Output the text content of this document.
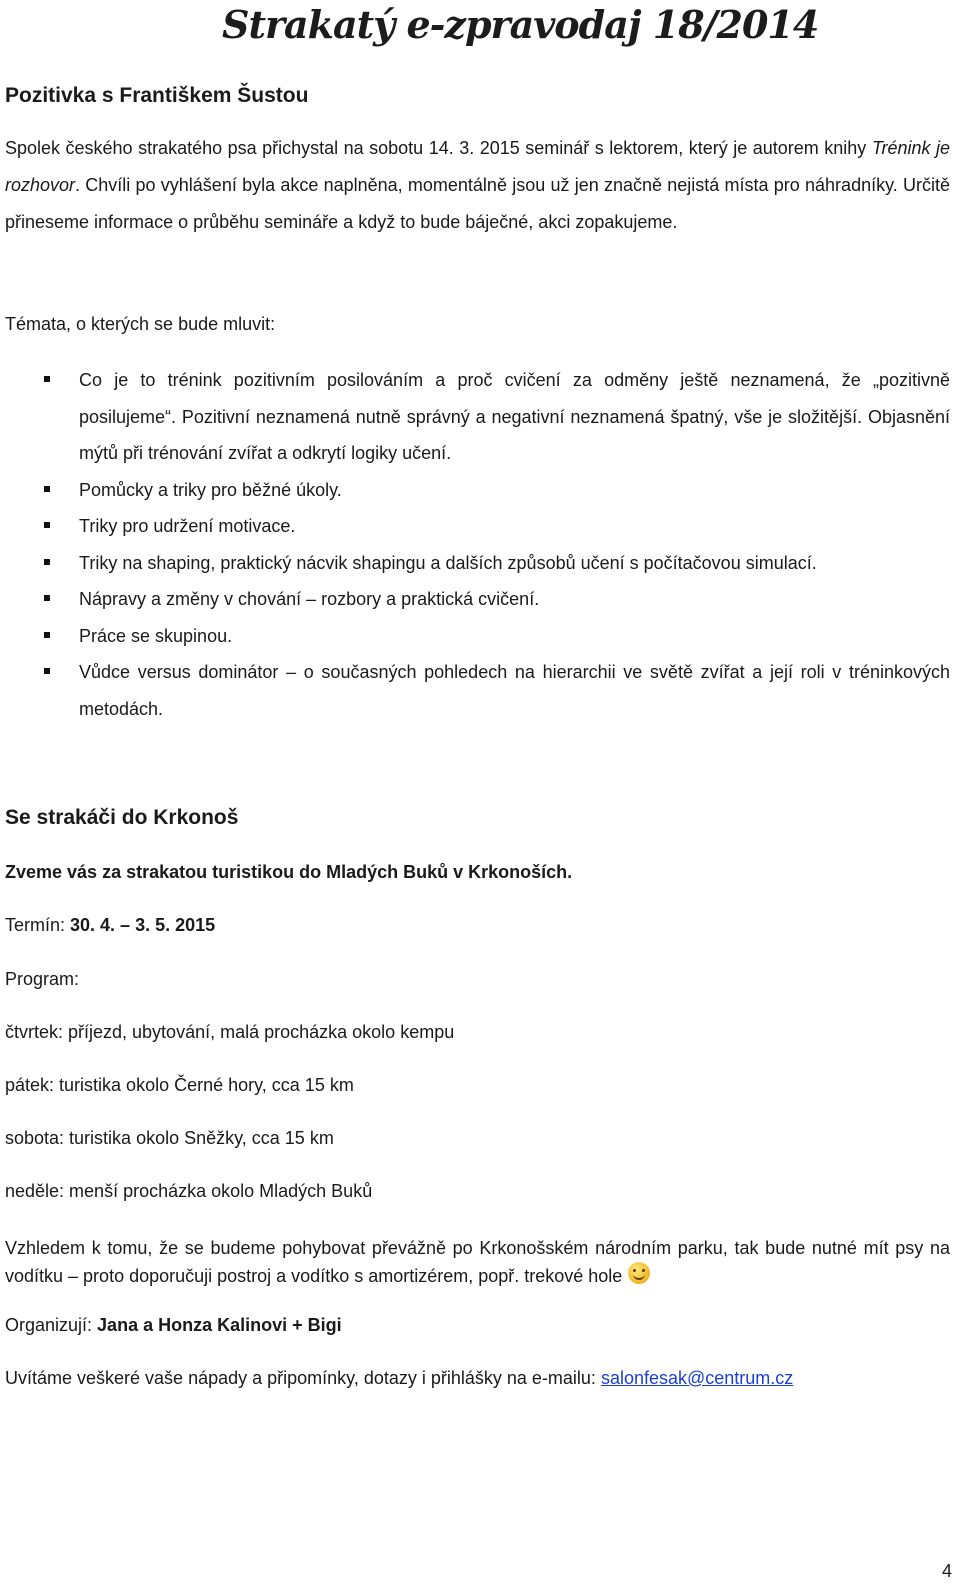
Strakatý e-zpravodaj 18/2014
Pozitivka s Františkem Šustou

Spolek českého strakatého psa přichystal na sobotu 14. 3. 2015 seminář s lektorem, který je autorem knihy Trénink je rozhovor. Chvíli po vyhlášení byla akce naplněna, momentálně jsou už jen značně nejistá místa pro náhradníky. Určitě přineseme informace o průběhu semináře a když to bude báječné, akci zopakujeme.

Témata, o kterých se bude mluvit:

Co je to trénink pozitivním posilováním a proč cvičení za odměny ještě neznamená, že „pozitivně posilujeme“. Pozitivní neznamená nutně správný a negativní neznamená špatný, vše je složitější. Objasnění mýtů při trénování zvířat a odkrytí logiky učení.
Pomůcky a triky pro běžné úkoly.
Triky pro udržení motivace.
Triky na shaping, praktický nácvik shapingu a dalších způsobů učení s počítačovou simulací.
Nápravy a změny v chování – rozbory a praktická cvičení.
Práce se skupinou.
Vůdce versus dominátor – o současných pohledech na hierarchii ve světě zvířat a její roli v tréninkových metodách.
Se strakáči do Krkonoš

Zveme vás za strakatou turistikou do Mladých Buků v Krkonoších.

Termín: 30. 4. – 3. 5. 2015

Program:

čtvrtek: příjezd, ubytování, malá procházka okolo kempu

pátek: turistika okolo Černé hory, cca 15 km

sobota: turistika okolo Sněžky, cca 15 km

neděle: menší procházka okolo Mladých Buků

Vzhledem k tomu, že se budeme pohybovat převážně po Krkonošském národním parku, tak bude nutné mít psy na vodítku – proto doporučuji postroj a vodítko s amortizérem, popř. trekové hole

Organizují: Jana a Honza Kalinovi + Bigi

Uvítáme veškeré vaše nápady a připomínky, dotazy i přihlášky na e-mailu: salonfesak@centrum.cz

4
